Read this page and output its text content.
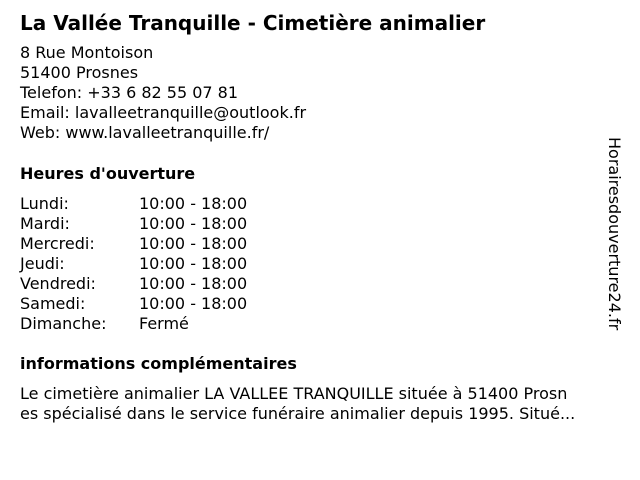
La Vallée Tranquille - Cimetière animalier
8 Rue Montoison
51400 Prosnes
Telefon: +33 6 82 55 07 81
Email: lavalleetranquille@outlook.fr
Web: www.lavalleetranquille.fr/
Heures d'ouverture
Lundi:	10:00 - 18:00
Mardi:	10:00 - 18:00
Mercredi:	10:00 - 18:00
Jeudi:	10:00 - 18:00
Vendredi:	10:00 - 18:00
Samedi:	10:00 - 18:00
Dimanche:	Fermé
informations complémentaires
Le cimetière animalier LA VALLEE TRANQUILLE située à 51400 Prosn
es spécialisé dans le service funéraire animalier depuis 1995. Situé...
Horairesdouverture24.fr
